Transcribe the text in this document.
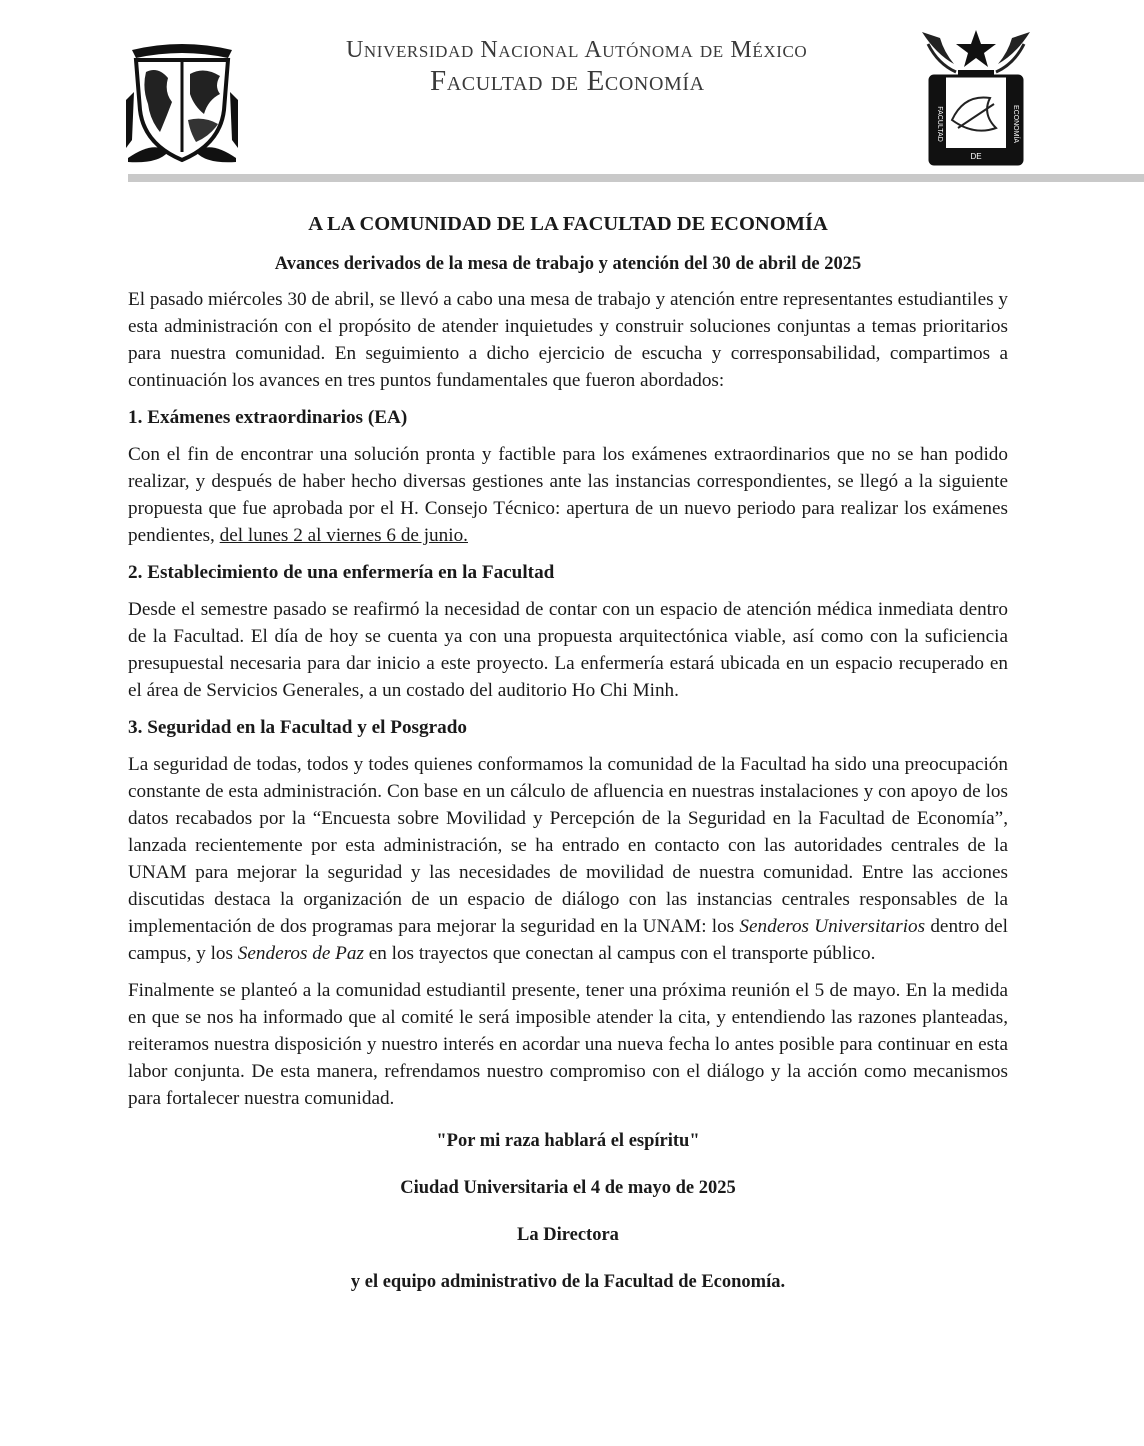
Universidad Nacional Autónoma de México
Facultad de Economía
FACULTAD	ECONOMÍA
DE
A LA COMUNIDAD DE LA FACULTAD DE ECONOMÍA
Avances derivados de la mesa de trabajo y atención del 30 de abril de 2025

El pasado miércoles 30 de abril, se llevó a cabo una mesa de trabajo y atención entre representantes estudiantiles y esta administración con el propósito de atender inquietudes y construir soluciones conjuntas a temas prioritarios para nuestra comunidad. En seguimiento a dicho ejercicio de escucha y corresponsabilidad, compartimos a continuación los avances en tres puntos fundamentales que fueron abordados:

1. Exámenes extraordinarios (EA)

Con el fin de encontrar una solución pronta y factible para los exámenes extraordinarios que no se han podido realizar, y después de haber hecho diversas gestiones ante las instancias correspondientes, se llegó a la siguiente propuesta que fue aprobada por el H. Consejo Técnico: apertura de un nuevo periodo para realizar los exámenes pendientes, del lunes 2 al viernes 6 de junio.

2. Establecimiento de una enfermería en la Facultad

Desde el semestre pasado se reafirmó la necesidad de contar con un espacio de atención médica inmediata dentro de la Facultad. El día de hoy se cuenta ya con una propuesta arquitectónica viable, así como con la suficiencia presupuestal necesaria para dar inicio a este proyecto. La enfermería estará ubicada en un espacio recuperado en el área de Servicios Generales, a un costado del auditorio Ho Chi Minh.

3. Seguridad en la Facultad y el Posgrado

La seguridad de todas, todos y todes quienes conformamos la comunidad de la Facultad ha sido una preocupación constante de esta administración. Con base en un cálculo de afluencia en nuestras instalaciones y con apoyo de los datos recabados por la “Encuesta sobre Movilidad y Percepción de la Seguridad en la Facultad de Economía”, lanzada recientemente por esta administración, se ha entrado en contacto con las autoridades centrales de la UNAM para mejorar la seguridad y las necesidades de movilidad de nuestra comunidad. Entre las acciones discutidas destaca la organización de un espacio de diálogo con las instancias centrales responsables de la implementación de dos programas para mejorar la seguridad en la UNAM: los Senderos Universitarios dentro del campus, y los Senderos de Paz en los trayectos que conectan al campus con el transporte público.

Finalmente se planteó a la comunidad estudiantil presente, tener una próxima reunión el 5 de mayo. En la medida en que se nos ha informado que al comité le será imposible atender la cita, y entendiendo las razones planteadas, reiteramos nuestra disposición y nuestro interés en acordar una nueva fecha lo antes posible para continuar en esta labor conjunta. De esta manera, refrendamos nuestro compromiso con el diálogo y la acción como mecanismos para fortalecer nuestra comunidad.

"Por mi raza hablará el espíritu"
Ciudad Universitaria el 4 de mayo de 2025
La Directora
y el equipo administrativo de la Facultad de Economía.
